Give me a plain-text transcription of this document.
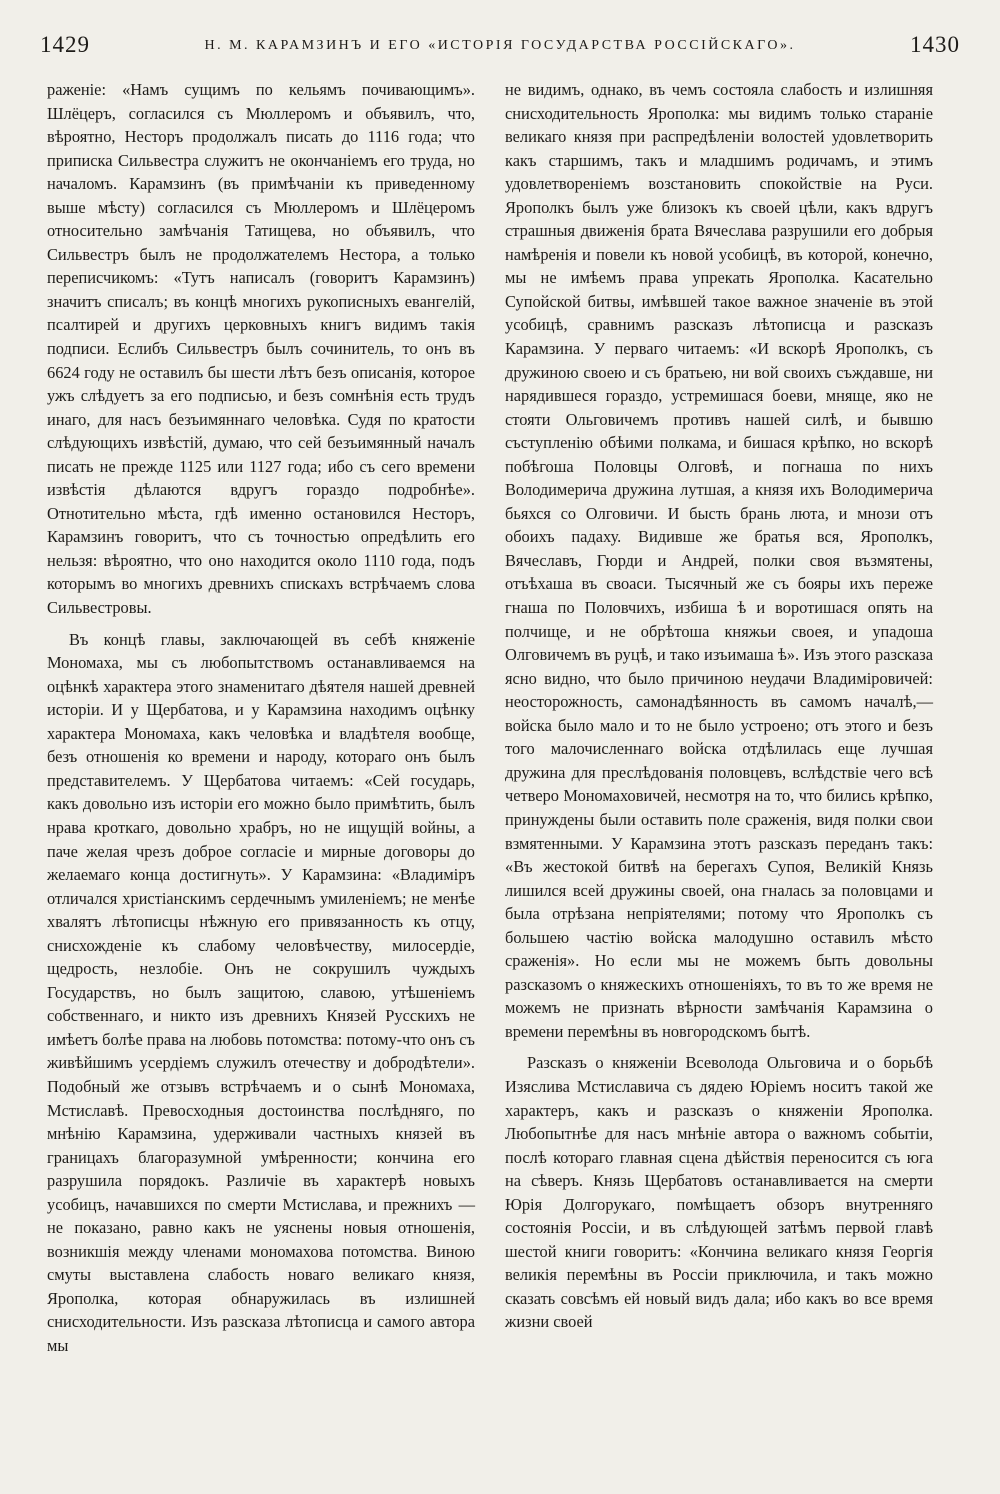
1429	Н. М. КАРАМЗИНЪ И ЕГО «ИСТОРІЯ ГОСУДАРСТВА РОССІЙСКАГО».	1430

раженіе: «Намъ сущимъ по кельямъ почивающимъ». Шлёцеръ, согласился съ Мюллеромъ и объявилъ, что, вѣроятно, Несторъ продолжалъ писать до 1116 года; что приписка Сильвестра служитъ не окончаніемъ его труда, но началомъ. Карамзинъ (въ примѣчаніи къ приведенному выше мѣсту) согласился съ Мюллеромъ и Шлёцеромъ относительно замѣчанія Татищева, но объявилъ, что Сильвестръ былъ не продолжателемъ Нестора, а только переписчикомъ: «Тутъ написалъ (говоритъ Карамзинъ) значитъ списалъ; въ концѣ многихъ рукописныхъ евангелій, псалтирей и другихъ церковныхъ книгъ видимъ такія подписи. Еслибъ Сильвестръ былъ сочинитель, то онъ въ 6624 году не оставилъ бы шести лѣтъ безъ описанія, которое ужъ слѣдуетъ за его подписью, и безъ сомнѣнія есть трудъ инаго, для насъ безъимяннаго человѣка. Судя по кратости слѣдующихъ извѣстій, думаю, что сей безъимянный началъ писать не прежде 1125 или 1127 года; ибо съ сего времени извѣстія дѣлаются вдругъ гораздо подробнѣе». Отнотительно мѣста, гдѣ именно остановился Несторъ, Карамзинъ говоритъ, что съ точностью опредѣлить его нельзя: вѣроятно, что оно находится около 1110 года, подъ которымъ во многихъ древнихъ спискахъ встрѣчаемъ слова Сильвестровы.

Въ концѣ главы, заключающей въ себѣ княженіе Мономаха, мы съ любопытствомъ останавливаемся на оцѣнкѣ характера этого знаменитаго дѣятеля нашей древней исторіи. И у Щербатова, и у Карамзина находимъ оцѣнку характера Мономаха, какъ человѣка и владѣтеля вообще, безъ отношенія ко времени и народу, котораго онъ былъ представителемъ. У Щербатова читаемъ: «Сей государь, какъ довольно изъ исторіи его можно было примѣтить, былъ нрава кроткаго, довольно храбръ, но не ищущій войны, а паче желая чрезъ доброе согласіе и мирные договоры до желаемаго конца достигнуть». У Карамзина: «Владиміръ отличался христіанскимъ сердечнымъ умиленіемъ; не менѣе хвалятъ лѣтописцы нѣжную его привязанность къ отцу, снисхожденіе къ слабому человѣчеству, милосердіе, щедрость, незлобіе. Онъ не сокрушилъ чуждыхъ Государствъ, но былъ защитою, славою, утѣшеніемъ собственнаго, и никто изъ древнихъ Князей Русскихъ не имѣетъ болѣе права на любовь потомства: потому-что онъ съ живѣйшимъ усердіемъ служилъ отечеству и добродѣтели». Подобный же отзывъ встрѣчаемъ и о сынѣ Мономаха, Мстиславѣ. Превосходныя достоинства послѣдняго, по мнѣнію Карамзина, удерживали частныхъ князей въ границахъ благоразумной умѣренности; кончина его разрушила порядокъ. Различіе въ характерѣ новыхъ усобицъ, начавшихся по смерти Мстислава, и прежнихъ — не показано, равно какъ не уяснены новыя отношенія, возникшія между членами мономахова потомства. Виною смуты выставлена слабость новаго великаго князя, Ярополка, которая обнаружилась въ излишней снисходительности. Изъ разсказа лѣтописца и самого автора мы

не видимъ, однако, въ чемъ состояла слабость и излишняя снисходительность Ярополка: мы видимъ только стараніе великаго князя при распредѣленіи волостей удовлетворить какъ старшимъ, такъ и младшимъ родичамъ, и этимъ удовлетвореніемъ возстановить спокойствіе на Руси. Ярополкъ былъ уже близокъ къ своей цѣли, какъ вдругъ страшныя движенія брата Вячеслава разрушили его добрыя намѣренія и повели къ новой усобицѣ, въ которой, конечно, мы не имѣемъ права упрекать Ярополка. Касательно Супойской битвы, имѣвшей такое важное значеніе въ этой усобицѣ, сравнимъ разсказъ лѣтописца и разсказъ Карамзина. У перваго читаемъ: «И вскорѣ Ярополкъ, съ дружиною своею и съ братьею, ни вой своихъ съждавше, ни нарядившеся гораздо, устремишася боеви, мняще, яко не стояти Ольговичемъ противъ нашей силѣ, и бывшю съступленію обѣими полкама, и бишася крѣпко, но вскорѣ побѣгоша Половцы Олговѣ, и погнаша по нихъ Володимерича дружина лутшая, а князя ихъ Володимерича бьяхся со Олговичи. И бысть брань люта, и мнози отъ обоихъ падаху. Видивше же братья вся, Ярополкъ, Вячеславъ, Гюрди и Андрей, полки своя възмятены, отъѣхаша въ своаси. Тысячный же съ бояры ихъ переже гнаша по Половчихъ, избиша ѣ и воротишася опять на полчище, и не обрѣтоша княжьи своея, и упадоша Олговичемъ въ руцѣ, и тако изъимаша ѣ». Изъ этого разсказа ясно видно, что было причиною неудачи Владиміровичей: неосторожность, самонадѣянность въ самомъ началѣ,—войска было мало и то не было устроено; отъ этого и безъ того малочисленнаго войска отдѣлилась еще лучшая дружина для преслѣдованія половцевъ, вслѣдствіе чего всѣ четверо Мономаховичей, несмотря на то, что бились крѣпко, принуждены были оставить поле сраженія, видя полки свои взмятенными. У Карамзина этотъ разсказъ переданъ такъ: «Въ жестокой битвѣ на берегахъ Супоя, Великій Князь лишился всей дружины своей, она гналась за половцами и была отрѣзана непріятелями; потому что Ярополкъ съ большею частію войска малодушно оставилъ мѣсто сраженія». Но если мы не можемъ быть довольны разсказомъ о княжескихъ отношеніяхъ, то въ то же время не можемъ не признать вѣрности замѣчанія Карамзина о времени перемѣны въ новгородскомъ бытѣ.

Разсказъ о княженіи Всеволода Ольговича и о борьбѣ Изяслива Мстиславича съ дядею Юріемъ носитъ такой же характеръ, какъ и разсказъ о княженіи Ярополка. Любопытнѣе для насъ мнѣніе автора о важномъ событіи, послѣ котораго главная сцена дѣйствія переносится съ юга на сѣверъ. Князь Щербатовъ останавливается на смерти Юрія Долгорукаго, помѣщаетъ обзоръ внутренняго состоянія Россіи, и въ слѣдующей затѣмъ первой главѣ шестой книги говоритъ: «Кончина великаго князя Георгія великія перемѣны въ Россіи приключила, и такъ можно сказать совсѣмъ ей новый видъ дала; ибо какъ во все время жизни своей
